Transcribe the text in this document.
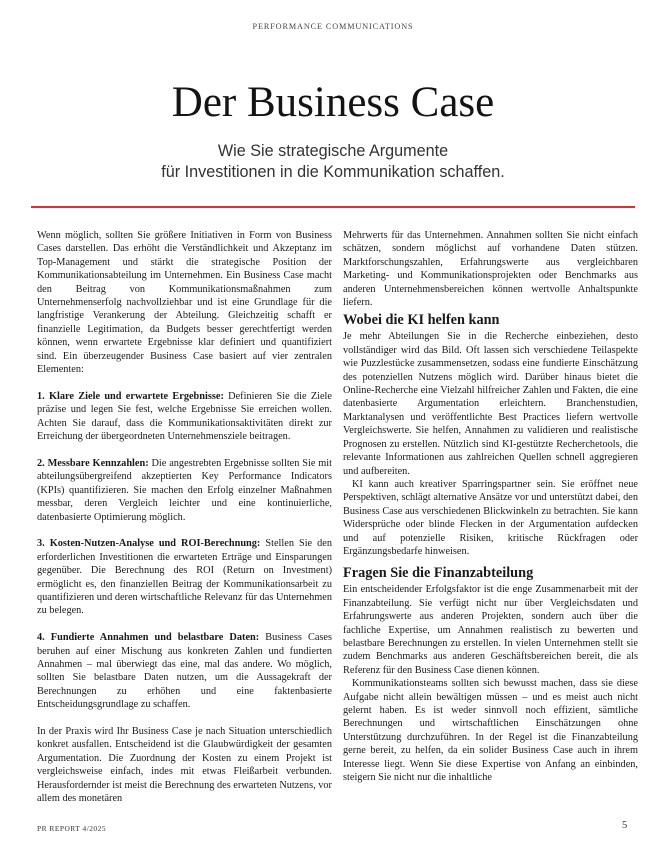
PERFORMANCE COMMUNICATIONS
Der Business Case
Wie Sie strategische Argumente
für Investitionen in die Kommunikation schaffen.

Wenn möglich, sollten Sie größere Initiativen in Form von Business Cases darstellen. Das erhöht die Verständlichkeit und Akzeptanz im Top-Management und stärkt die strategische Position der Kommunikationsabteilung im Unternehmen. Ein Business Case macht den Beitrag von Kommunikationsmaßnahmen zum Unternehmenserfolg nachvollziehbar und ist eine Grundlage für die langfristige Verankerung der Abteilung. Gleichzeitig schafft er finanzielle Legitimation, da Budgets besser gerechtfertigt werden können, wenn erwartete Ergebnisse klar definiert und quantifiziert sind. Ein überzeugender Business Case basiert auf vier zentralen Elementen:

1. Klare Ziele und erwartete Ergebnisse: Definieren Sie die Ziele präzise und legen Sie fest, welche Ergebnisse Sie erreichen wollen. Achten Sie darauf, dass die Kommunikationsaktivitäten direkt zur Erreichung der übergeordneten Unternehmensziele beitragen.

2. Messbare Kennzahlen: Die angestrebten Ergebnisse sollten Sie mit abteilungsübergreifend akzeptierten Key Performance Indicators (KPIs) quantifizieren. Sie machen den Erfolg einzelner Maßnahmen messbar, deren Vergleich leichter und eine kontinuierliche, datenbasierte Optimierung möglich.

3. Kosten-Nutzen-Analyse und ROI-Berechnung: Stellen Sie den erforderlichen Investitionen die erwarteten Erträge und Einsparungen gegenüber. Die Berechnung des ROI (Return on Investment) ermöglicht es, den finanziellen Beitrag der Kommunikationsarbeit zu quantifizieren und deren wirtschaftliche Relevanz für das Unternehmen zu belegen.

4. Fundierte Annahmen und belastbare Daten: Business Cases beruhen auf einer Mischung aus konkreten Zahlen und fundierten Annahmen – mal überwiegt das eine, mal das andere. Wo möglich, sollten Sie belastbare Daten nutzen, um die Aussagekraft der Berechnungen zu erhöhen und eine faktenbasierte Entscheidungsgrundlage zu schaffen.

In der Praxis wird Ihr Business Case je nach Situation unterschiedlich konkret ausfallen. Entscheidend ist die Glaubwürdigkeit der gesamten Argumentation. Die Zuordnung der Kosten zu einem Projekt ist vergleichsweise einfach, indes mit etwas Fleißarbeit verbunden. Herausfordernder ist meist die Berechnung des erwarteten Nutzens, vor allem des monetären

Mehrwerts für das Unternehmen. Annahmen sollten Sie nicht einfach schätzen, sondern möglichst auf vorhandene Daten stützen. Marktforschungszahlen, Erfahrungswerte aus vergleichbaren Marketing- und Kommunikationsprojekten oder Benchmarks aus anderen Unternehmensbereichen können wertvolle Anhaltspunkte liefern.

Wobei die KI helfen kann

Je mehr Abteilungen Sie in die Recherche einbeziehen, desto vollständiger wird das Bild. Oft lassen sich verschiedene Teilaspekte wie Puzzlestücke zusammensetzen, sodass eine fundierte Einschätzung des potenziellen Nutzens möglich wird. Darüber hinaus bietet die Online-Recherche eine Vielzahl hilfreicher Zahlen und Fakten, die eine datenbasierte Argumentation erleichtern. Branchenstudien, Marktanalysen und veröffentlichte Best Practices liefern wertvolle Vergleichswerte. Sie helfen, Annahmen zu validieren und realistische Prognosen zu erstellen. Nützlich sind KI-gestützte Recherchetools, die relevante Informationen aus zahlreichen Quellen schnell aggregieren und aufbereiten.

KI kann auch kreativer Sparringspartner sein. Sie eröffnet neue Perspektiven, schlägt alternative Ansätze vor und unterstützt dabei, den Business Case aus verschiedenen Blickwinkeln zu betrachten. Sie kann Widersprüche oder blinde Flecken in der Argumentation aufdecken und auf potenzielle Risiken, kritische Rückfragen oder Ergänzungsbedarfe hinweisen.

Fragen Sie die Finanzabteilung

Ein entscheidender Erfolgsfaktor ist die enge Zusammenarbeit mit der Finanzabteilung. Sie verfügt nicht nur über Vergleichsdaten und Erfahrungswerte aus anderen Projekten, sondern auch über die fachliche Expertise, um Annahmen realistisch zu bewerten und belastbare Berechnungen zu erstellen. In vielen Unternehmen stellt sie zudem Benchmarks aus anderen Geschäftsbereichen bereit, die als Referenz für den Business Case dienen können.

Kommunikationsteams sollten sich bewusst machen, dass sie diese Aufgabe nicht allein bewältigen müssen – und es meist auch nicht gelernt haben. Es ist weder sinnvoll noch effizient, sämtliche Berechnungen und wirtschaftlichen Einschätzungen ohne Unterstützung durchzuführen. In der Regel ist die Finanzabteilung gerne bereit, zu helfen, da ein solider Business Case auch in ihrem Interesse liegt. Wenn Sie diese Expertise von Anfang an einbinden, steigern Sie nicht nur die inhaltliche

PR REPORT 4/2025	5
